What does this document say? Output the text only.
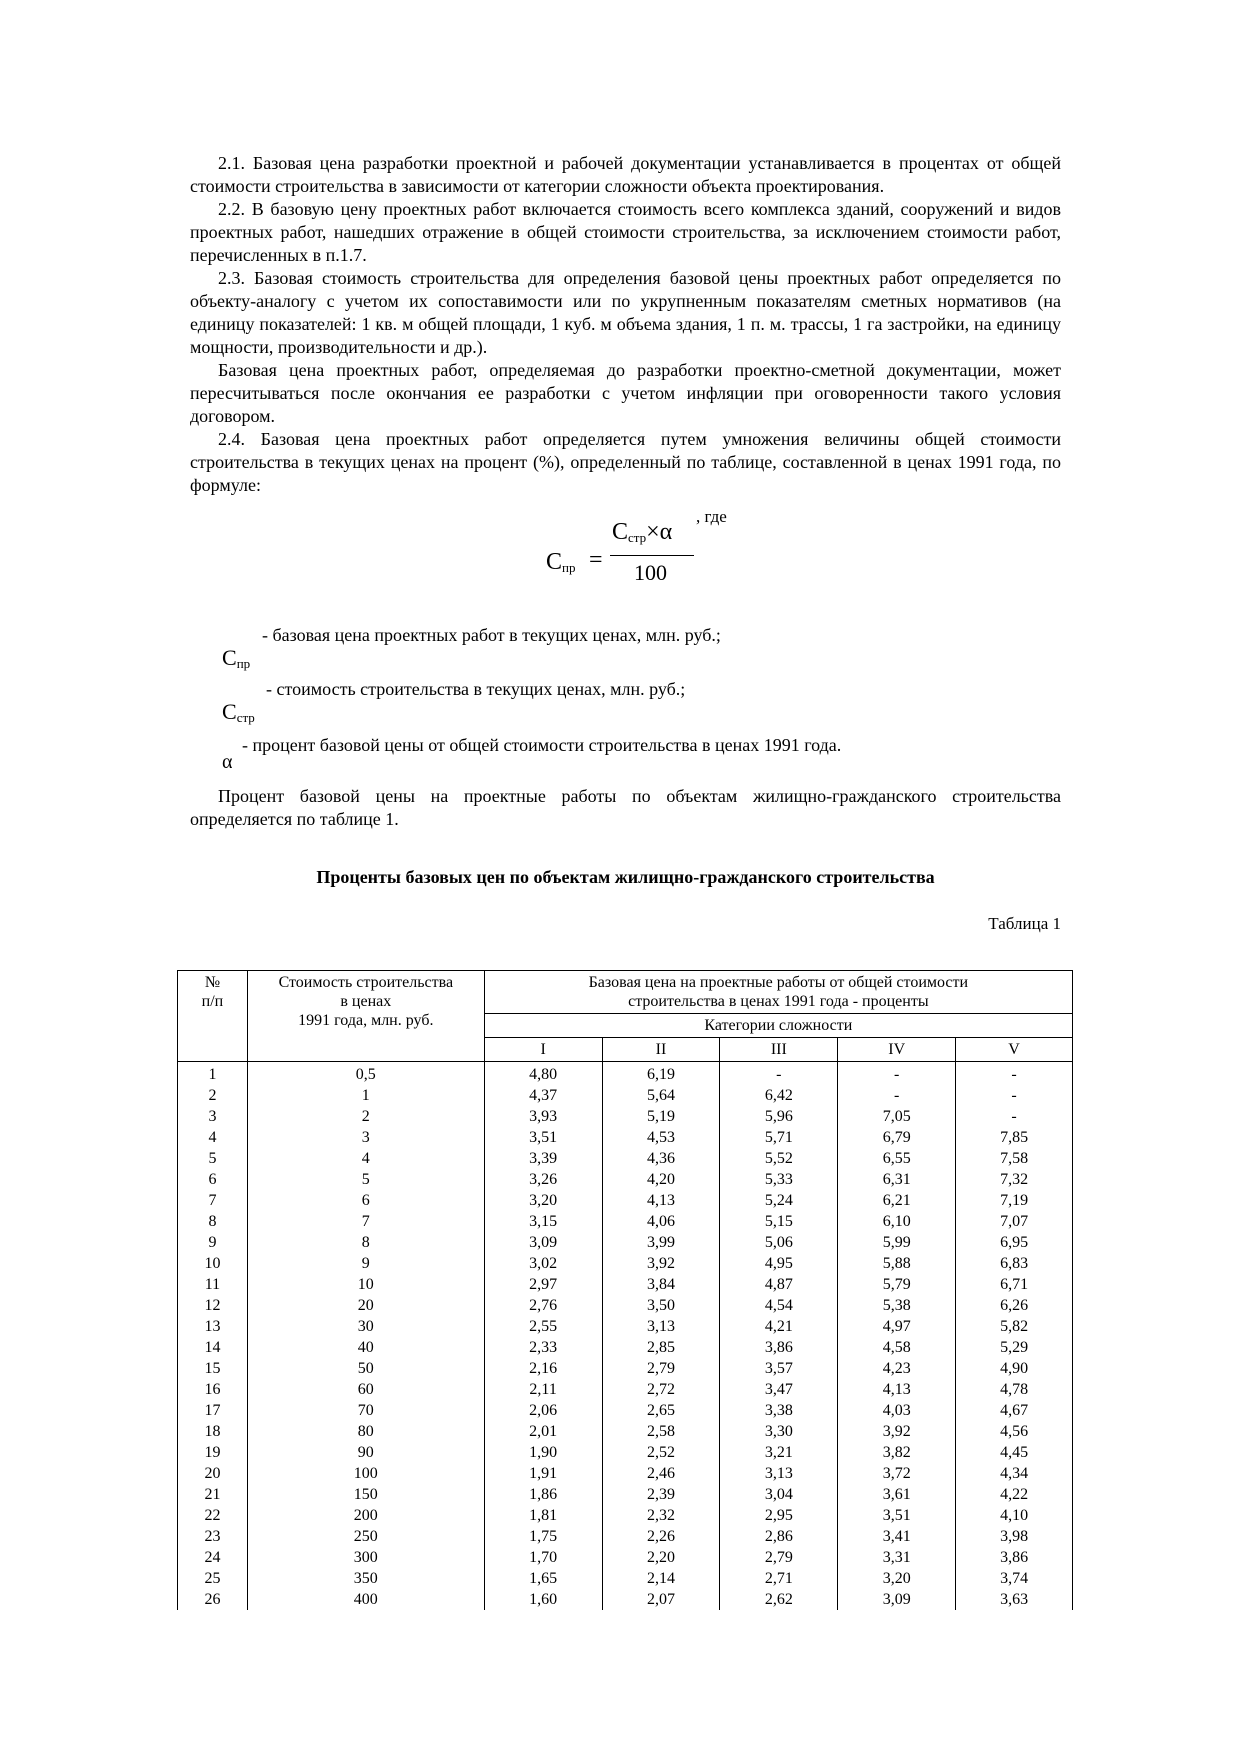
2.1. Базовая цена разработки проектной и рабочей документации устанавливается в процентах от общей стоимости строительства в зависимости от категории сложности объекта проектирования.

2.2. В базовую цену проектных работ включается стоимость всего комплекса зданий, сооружений и видов проектных работ, нашедших отражение в общей стоимости строительства, за исключением стоимости работ, перечисленных в п.1.7.

2.3. Базовая стоимость строительства для определения базовой цены проектных работ определяется по объекту-аналогу с учетом их сопоставимости или по укрупненным показателям сметных нормативов (на единицу показателей: 1 кв. м общей площади, 1 куб. м объема здания, 1 п. м. трассы, 1 га застройки, на единицу мощности, производительности и др.).

Базовая цена проектных работ, определяемая до разработки проектно-сметной документации, может пересчитываться после окончания ее разработки с учетом инфляции при оговоренности такого условия договором.

2.4. Базовая цена проектных работ определяется путем умножения величины общей стоимости строительства в текущих ценах на процент (%), определенный по таблице, составленной в ценах 1991 года, по формуле:

, где
$C_{пр}$ =
$C_{стр}\times\alpha$
100
- базовая цена проектных работ в текущих ценах, млн. руб.;
$C_{пр}$
- стоимость строительства в текущих ценах, млн. руб.;
$C_{стр}$
- процент базовой цены от общей стоимости строительства в ценах 1991 года.
α

Процент базовой цены на проектные работы по объектам жилищно-гражданского строительства определяется по таблице 1.

Проценты базовых цен по объектам жилищно-гражданского строительства

Таблица 1

№
п/п	Стоимость строительства
в ценах
1991 года, млн. руб.	Базовая цена на проектные работы от общей стоимости
строительства в ценах 1991 года - проценты				
		Категории сложности				
		I	II	III	IV	V
1	0,5	4,80	6,19	-	-	-
2	1	4,37	5,64	6,42	-	-
3	2	3,93	5,19	5,96	7,05	-
4	3	3,51	4,53	5,71	6,79	7,85
5	4	3,39	4,36	5,52	6,55	7,58
6	5	3,26	4,20	5,33	6,31	7,32
7	6	3,20	4,13	5,24	6,21	7,19
8	7	3,15	4,06	5,15	6,10	7,07
9	8	3,09	3,99	5,06	5,99	6,95
10	9	3,02	3,92	4,95	5,88	6,83
11	10	2,97	3,84	4,87	5,79	6,71
12	20	2,76	3,50	4,54	5,38	6,26
13	30	2,55	3,13	4,21	4,97	5,82
14	40	2,33	2,85	3,86	4,58	5,29
15	50	2,16	2,79	3,57	4,23	4,90
16	60	2,11	2,72	3,47	4,13	4,78
17	70	2,06	2,65	3,38	4,03	4,67
18	80	2,01	2,58	3,30	3,92	4,56
19	90	1,90	2,52	3,21	3,82	4,45
20	100	1,91	2,46	3,13	3,72	4,34
21	150	1,86	2,39	3,04	3,61	4,22
22	200	1,81	2,32	2,95	3,51	4,10
23	250	1,75	2,26	2,86	3,41	3,98
24	300	1,70	2,20	2,79	3,31	3,86
25	350	1,65	2,14	2,71	3,20	3,74
26	400	1,60	2,07	2,62	3,09	3,63
